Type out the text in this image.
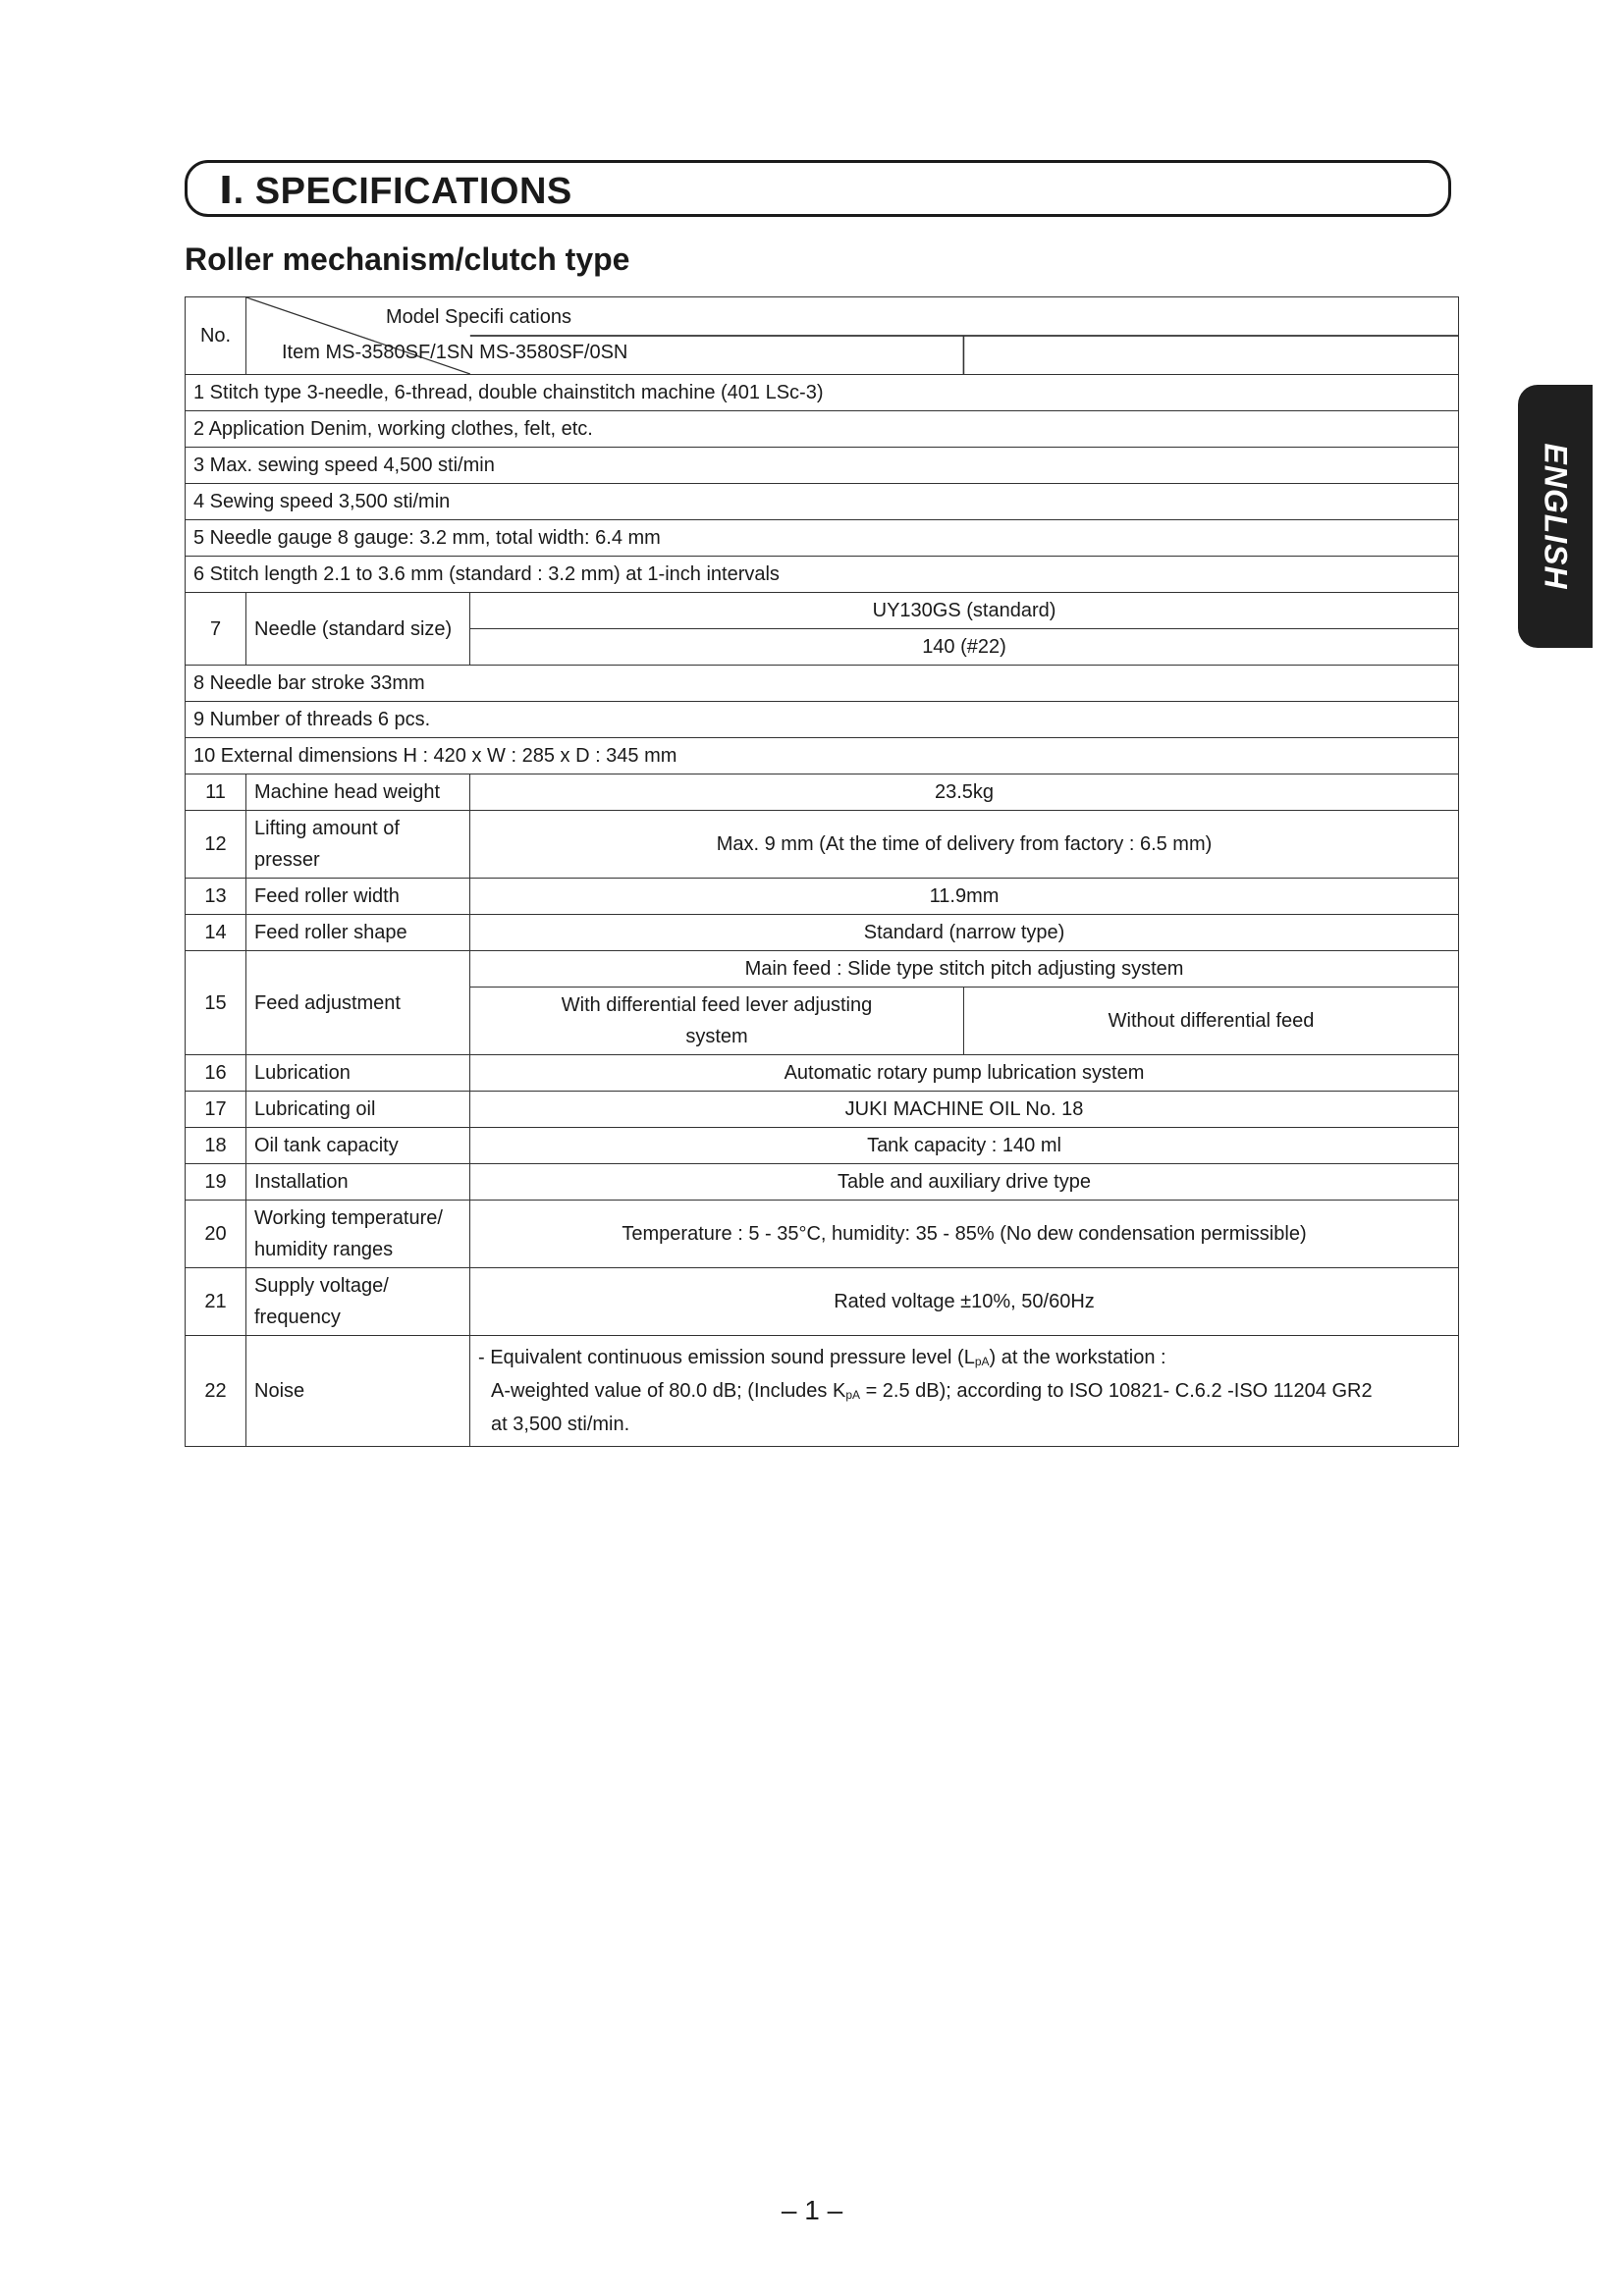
Ⅰ. SPECIFICATIONS
Roller mechanism/clutch type
ENGLISH
No.	Model Specifi cations
Item MS-3580SF/1SN MS-3580SF/0SN		

1 Stitch type 3-needle, 6-thread, double chainstitch machine (401 LSc-3)			
2 Application Denim, working clothes, felt, etc.			
3 Max. sewing speed 4,500 sti/min			
4 Sewing speed 3,500 sti/min			
5 Needle gauge 8 gauge: 3.2 mm, total width: 6.4 mm			
6 Stitch length 2.1 to 3.6 mm (standard : 3.2 mm) at 1-inch intervals			
7	Needle (standard size)	UY130GS (standard)	
		140 (#22)	
8 Needle bar stroke 33mm			
9 Number of threads 6 pcs.			
10 External dimensions H : 420 x W : 285 x D : 345 mm			
11	Machine head weight	23.5kg	
12	Lifting amount of presser	Max. 9 mm (At the time of delivery from factory : 6.5 mm)	
13	Feed roller width	11.9mm	
14	Feed roller shape	Standard (narrow type)	
15	Feed adjustment	Main feed : Slide type stitch pitch adjusting system	
		With differential feed lever adjusting system	Without differential feed
16	Lubrication	Automatic rotary pump lubrication system	
17	Lubricating oil	JUKI MACHINE OIL No. 18	
18	Oil tank capacity	Tank capacity : 140 ml	
19	Installation	Table and auxiliary drive type	
20	Working temperature/ humidity ranges	Temperature : 5 - 35°C, humidity: 35 - 85% (No dew condensation permissible)	
21	Supply voltage/ frequency	Rated voltage ±10%, 50/60Hz	
22	Noise	- Equivalent continuous emission sound pressure level $(L_{pA})$ at the workstation :
A-weighted value of 80.0 dB; (Includes $K_{pA} = 2.5$ dB); according to ISO 10821- C.6.2 -ISO 11204 GR2
at 3,500 sti/min.	
– 1 –
